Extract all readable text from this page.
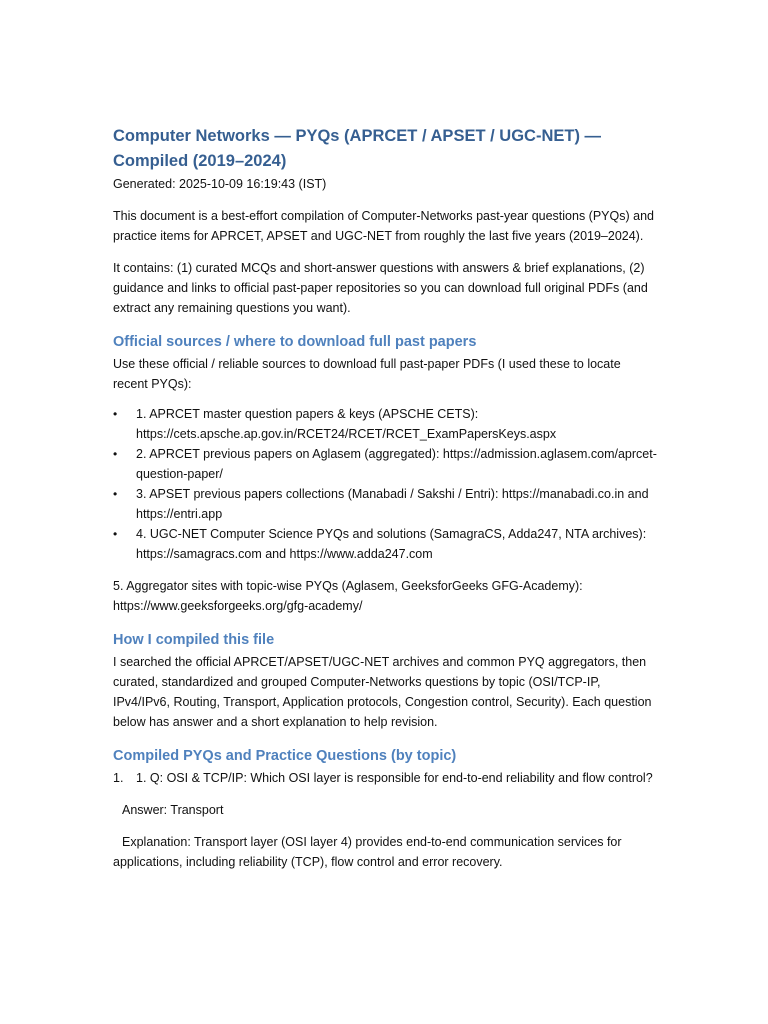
Computer Networks — PYQs (APRCET / APSET / UGC-NET) — Compiled (2019–2024)

Generated: 2025-10-09 16:19:43 (IST)

This document is a best-effort compilation of Computer-Networks past-year questions (PYQs) and practice items for APRCET, APSET and UGC-NET from roughly the last five years (2019–2024).

It contains: (1) curated MCQs and short-answer questions with answers & brief explanations, (2) guidance and links to official past-paper repositories so you can download full original PDFs (and extract any remaining questions you want).

Official sources / where to download full past papers

Use these official / reliable sources to download full past-paper PDFs (I used these to locate recent PYQs):

• 1. APRCET master question papers & keys (APSCHE CETS): https://cets.apsche.ap.gov.in/RCET24/RCET/RCET_ExamPapersKeys.aspx
• 2. APRCET previous papers on Aglasem (aggregated): https://admission.aglasem.com/aprcet-question-paper/
• 3. APSET previous papers collections (Manabadi / Sakshi / Entri): https://manabadi.co.in and https://entri.app
• 4. UGC-NET Computer Science PYQs and solutions (SamagraCS, Adda247, NTA archives): https://samagracs.com and https://www.adda247.com

5. Aggregator sites with topic-wise PYQs (Aglasem, GeeksforGeeks GFG-Academy): https://www.geeksforgeeks.org/gfg-academy/

How I compiled this file

I searched the official APRCET/APSET/UGC-NET archives and common PYQ aggregators, then curated, standardized and grouped Computer-Networks questions by topic (OSI/TCP-IP, IPv4/IPv6, Routing, Transport, Application protocols, Congestion control, Security). Each question below has answer and a short explanation to help revision.

Compiled PYQs and Practice Questions (by topic)
1. 1. Q: OSI & TCP/IP: Which OSI layer is responsible for end-to-end reliability and flow control?

Answer: Transport

Explanation: Transport layer (OSI layer 4) provides end-to-end communication services for applications, including reliability (TCP), flow control and error recovery.
